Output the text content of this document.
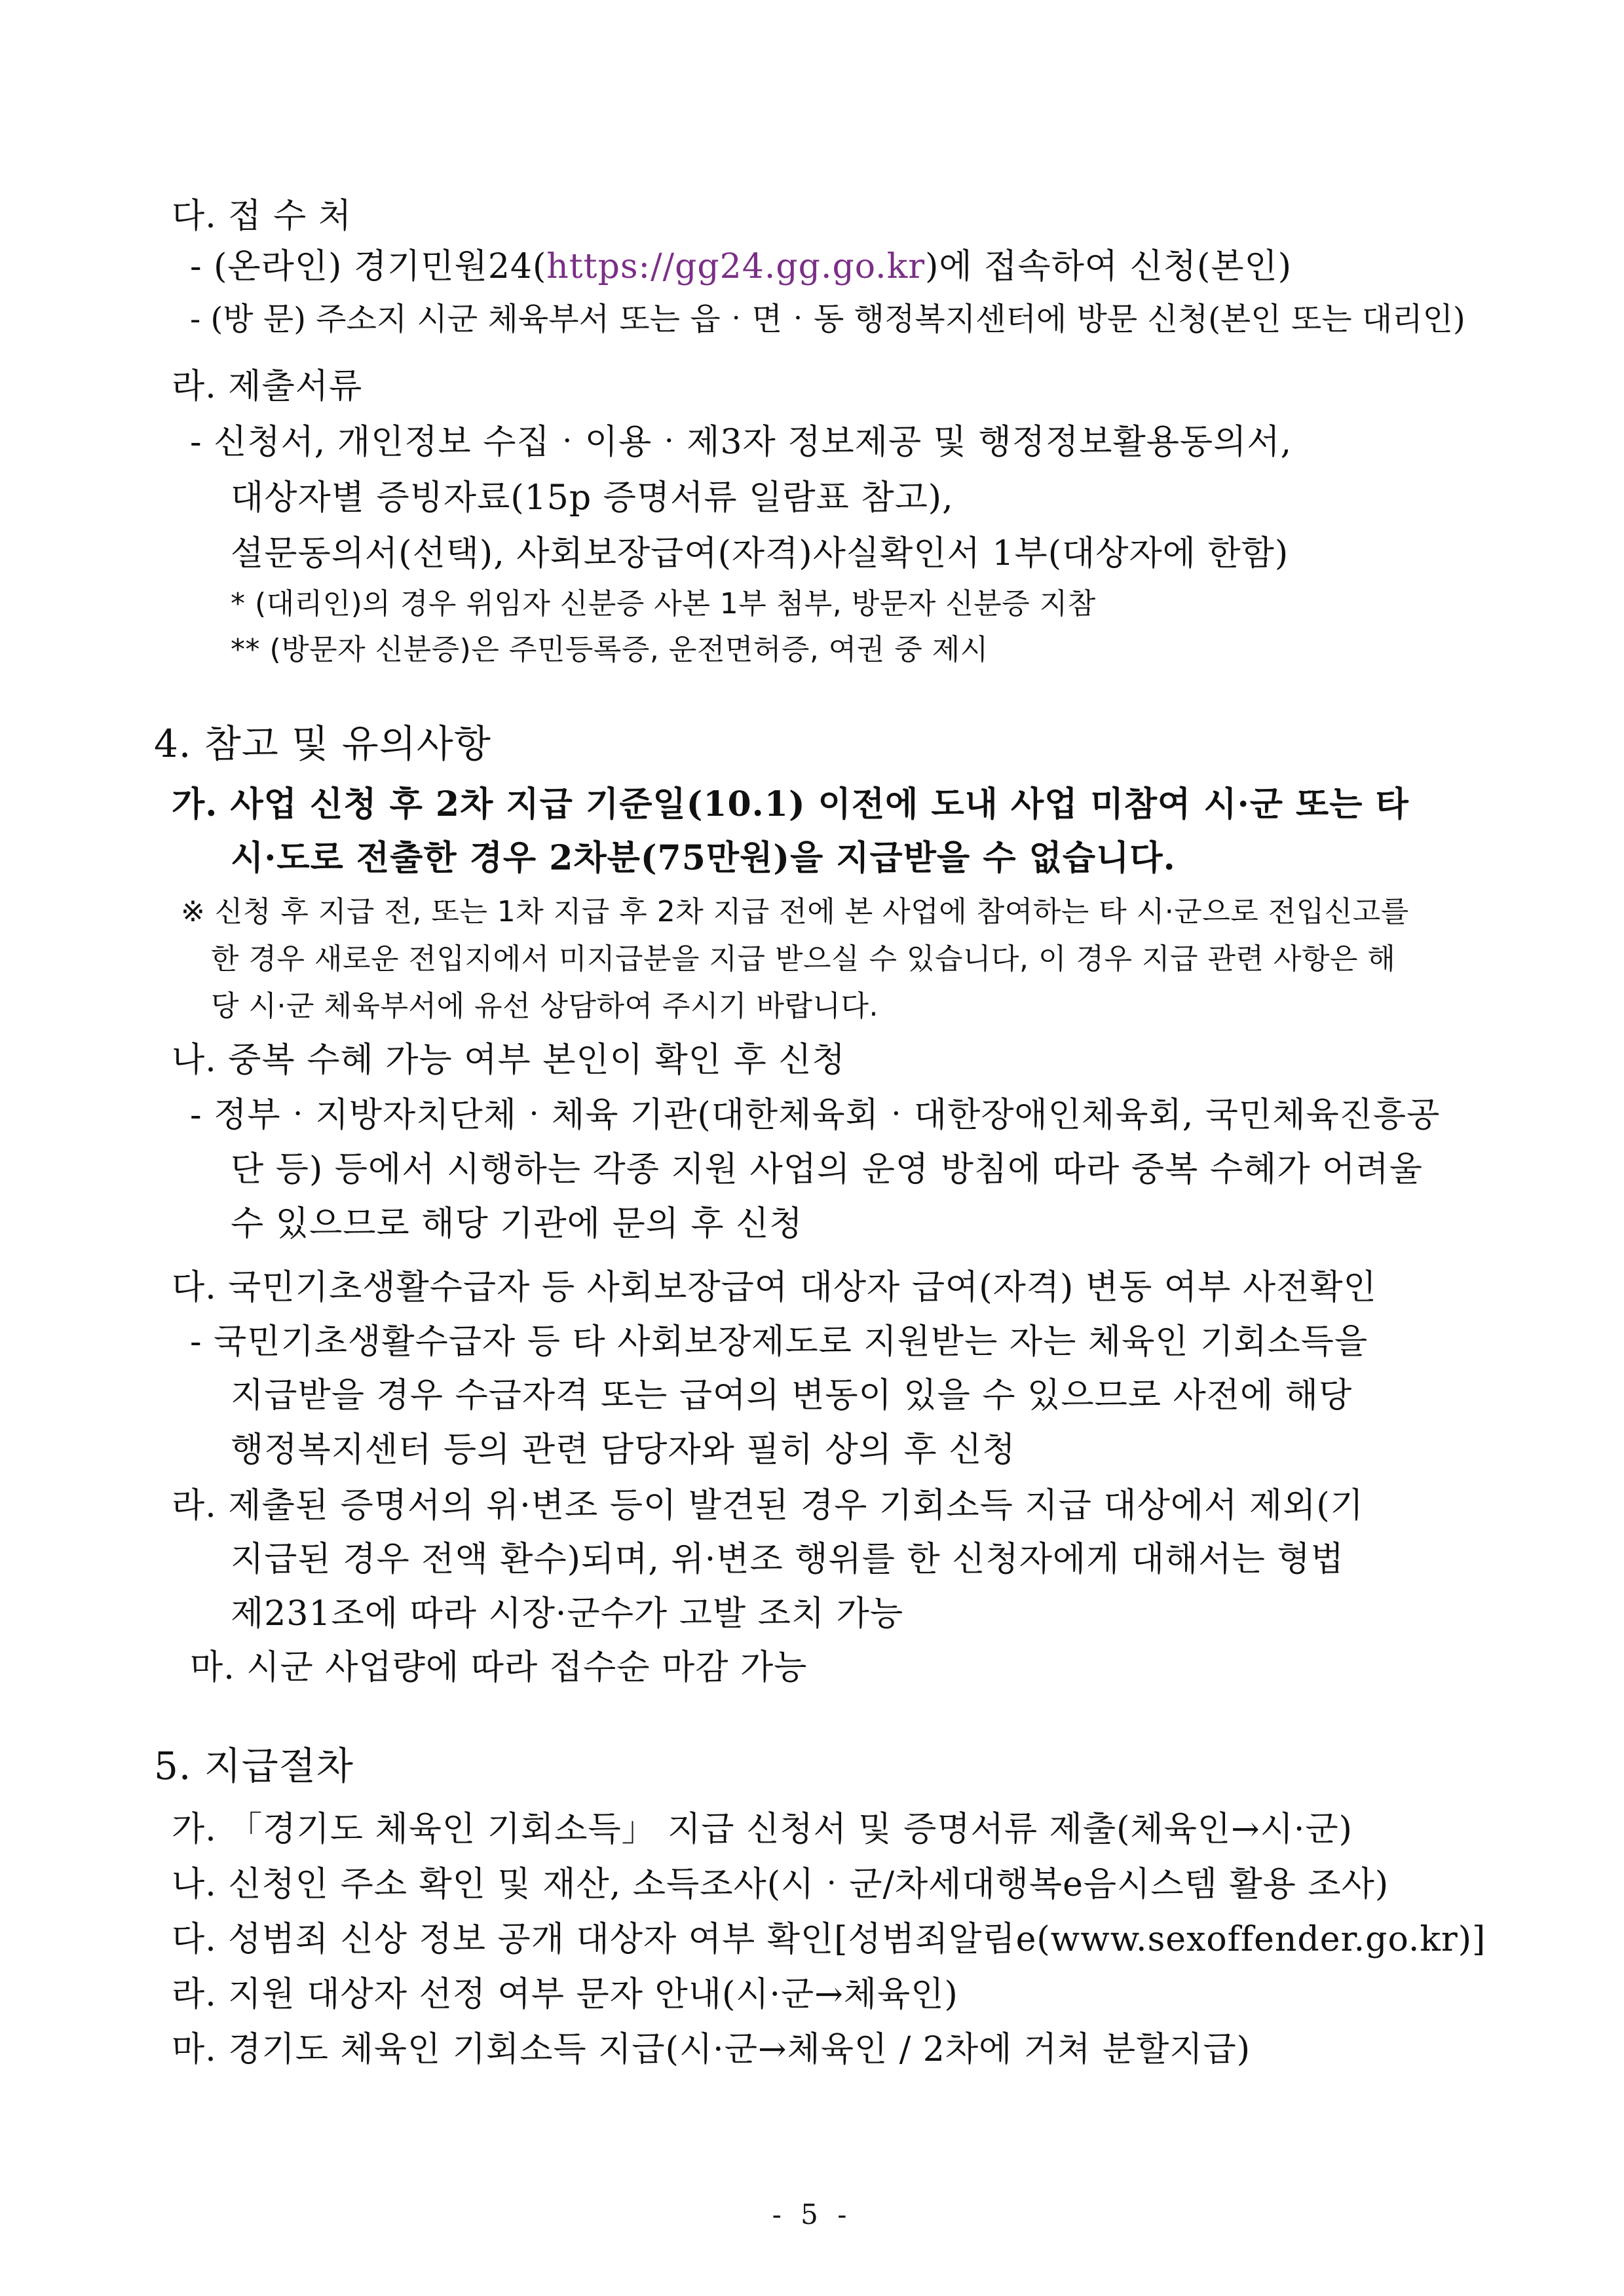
다. 접 수 처
- (온라인) 경기민원24(https://gg24.gg.go.kr)에 접속하여 신청(본인)
- (방 문) 주소지 시군 체육부서 또는 읍‧면‧동 행정복지센터에 방문 신청(본인 또는 대리인)
라. 제출서류
- 신청서, 개인정보 수집‧이용‧제3자 정보제공 및 행정정보활용동의서,
대상자별 증빙자료(15p 증명서류 일람표 참고),
설문동의서(선택), 사회보장급여(자격)사실확인서 1부(대상자에 한함)
* (대리인)의 경우 위임자 신분증 사본 1부 첨부, 방문자 신분증 지참
** (방문자 신분증)은 주민등록증, 운전면허증, 여권 중 제시
4. 참고 및 유의사항
가. 사업 신청 후 2차 지급 기준일(10.1) 이전에 도내 사업 미참여 시·군 또는 타
시·도로 전출한 경우 2차분(75만원)을 지급받을 수 없습니다.
※ 신청 후 지급 전, 또는 1차 지급 후 2차 지급 전에 본 사업에 참여하는 타 시·군으로 전입신고를
한 경우 새로운 전입지에서 미지급분을 지급 받으실 수 있습니다, 이 경우 지급 관련 사항은 해
당 시·군 체육부서에 유선 상담하여 주시기 바랍니다.
나. 중복 수혜 가능 여부 본인이 확인 후 신청
- 정부‧지방자치단체‧체육 기관(대한체육회‧대한장애인체육회, 국민체육진흥공
단 등) 등에서 시행하는 각종 지원 사업의 운영 방침에 따라 중복 수혜가 어려울
수 있으므로 해당 기관에 문의 후 신청
다. 국민기초생활수급자 등 사회보장급여 대상자 급여(자격) 변동 여부 사전확인
- 국민기초생활수급자 등 타 사회보장제도로 지원받는 자는 체육인 기회소득을
지급받을 경우 수급자격 또는 급여의 변동이 있을 수 있으므로 사전에 해당
행정복지센터 등의 관련 담당자와 필히 상의 후 신청
라. 제출된 증명서의 위·변조 등이 발견된 경우 기회소득 지급 대상에서 제외(기
지급된 경우 전액 환수)되며, 위·변조 행위를 한 신청자에게 대해서는 형법
제231조에 따라 시장·군수가 고발 조치 가능
마. 시군 사업량에 따라 접수순 마감 가능
5. 지급절차
가. 「경기도 체육인 기회소득」 지급 신청서 및 증명서류 제출(체육인→시·군)
나. 신청인 주소 확인 및 재산, 소득조사(시‧군/차세대행복e음시스템 활용 조사)
다. 성범죄 신상 정보 공개 대상자 여부 확인[성범죄알림e(www.sexoffender.go.kr)]
라. 지원 대상자 선정 여부 문자 안내(시·군→체육인)
마. 경기도 체육인 기회소득 지급(시·군→체육인 / 2차에 거쳐 분할지급)
- 5 -
